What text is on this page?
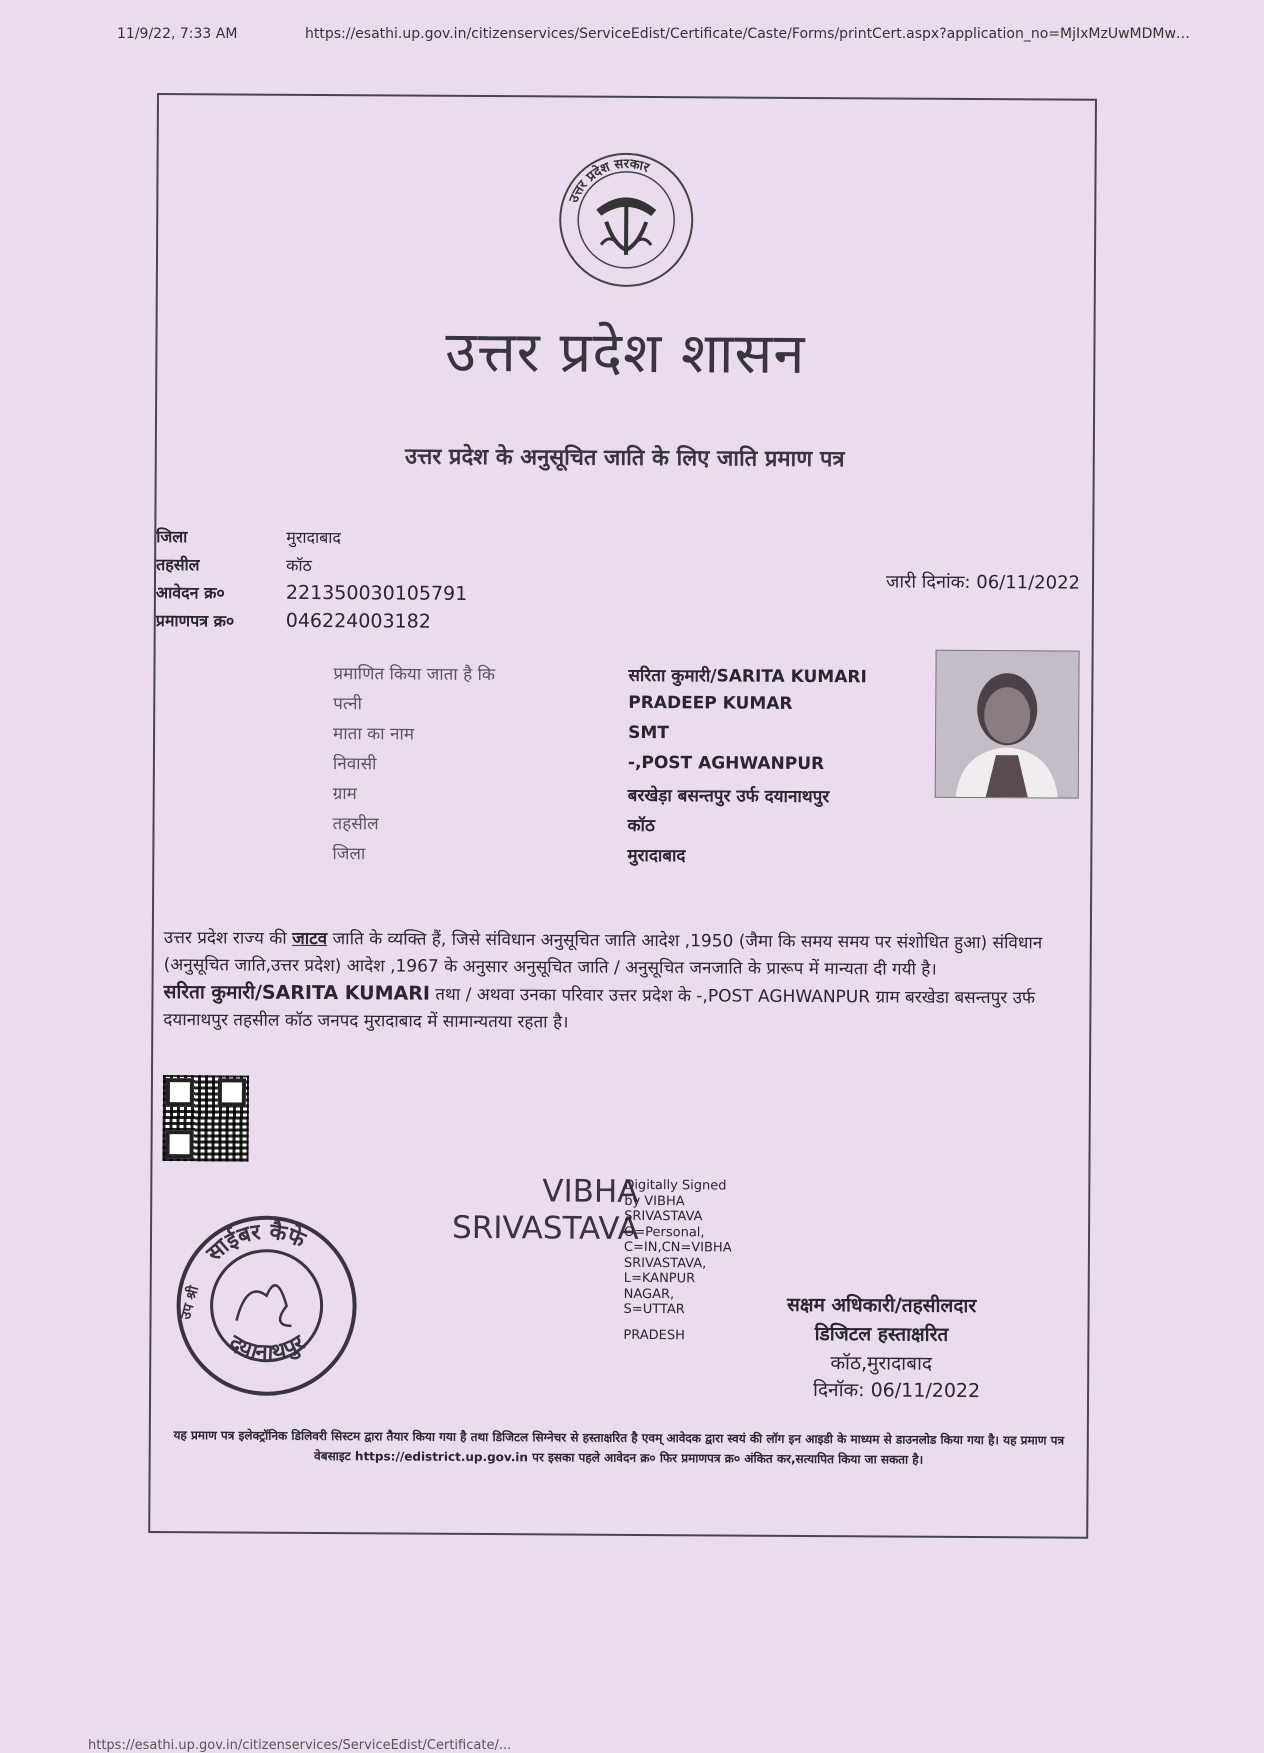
11/9/22, 7:33 AM	https://esathi.up.gov.in/citizenservices/ServiceEdist/Certificate/Caste/Forms/printCert.aspx?application_no=MjIxMzUwMDMw…
उत्तर प्रदेश सरकार
उत्तर प्रदेश शासन
उत्तर प्रदेश के अनुसूचित जाति के लिए जाति प्रमाण पत्र
जिला	मुरादाबाद
तहसील	कॉठ
आवेदन क्र०	221350030105791
प्रमाणपत्र क्र०	046224003182
जारी दिनांक: 06/11/2022
प्रमाणित किया जाता है कि	सरिता कुमारी/SARITA KUMARI
पत्नी	PRADEEP KUMAR
माता का नाम	SMT
निवासी	-,POST AGHWANPUR
ग्राम	बरखेड़ा बसन्तपुर उर्फ दयानाथपुर
तहसील	कॉठ
जिला	मुरादाबाद
उत्तर प्रदेश राज्य की जाटव जाति के व्यक्ति हैं, जिसे संविधान अनुसूचित जाति आदेश ,1950 (जैमा कि समय समय पर संशोधित हुआ) संविधान (अनुसूचित जाति,उत्तर प्रदेश) आदेश ,1967 के अनुसार अनुसूचित जाति / अनुसूचित जनजाति के प्रारूप में मान्यता दी गयी है।
सरिता कुमारी/SARITA KUMARI तथा / अथवा उनका परिवार उत्तर प्रदेश के -,POST AGHWANPUR ग्राम बरखेडा बसन्तपुर उर्फ दयानाथपुर तहसील कॉठ जनपद मुरादाबाद में सामान्यतया रहता है।
VIBHA
SRIVASTAVA
Digitally Signed
by VIBHA
SRIVASTAVA
O=Personal,
C=IN,CN=VIBHA
SRIVASTAVA,
L=KANPUR
NAGAR,
S=UTTAR
PRADESH
साईबर कैफे
दयानाथपुर
उप श्री	सक्षम अधिकारी/तहसीलदार
डिजिटल हस्ताक्षरित
कॉठ,मुरादाबाद
दिनॉक: 06/11/2022
यह प्रमाण पत्र इलेक्ट्रॉनिक डिलिवरी सिस्टम द्वारा तैयार किया गया है तथा डिजिटल सिग्नेचर से हस्ताक्षरित है एवम् आवेदक द्वारा स्वयं की लॉग इन आइडी के माध्यम से डाउनलोड किया गया है। यह प्रमाण पत्र वेबसाइट https://edistrict.up.gov.in पर इसका पहले आवेदन क्र० फिर प्रमाणपत्र क्र० अंकित कर,सत्यापित किया जा सकता है।
https://esathi.up.gov.in/citizenservices/ServiceEdist/Certificate/...
